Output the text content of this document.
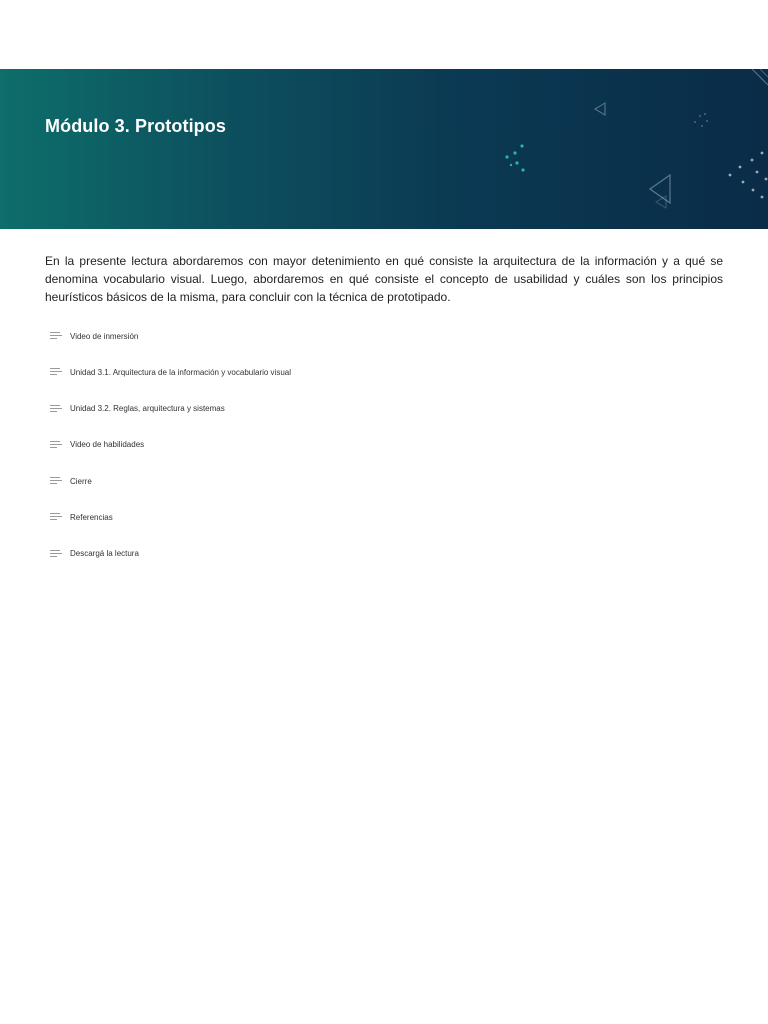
Módulo 3. Prototipos

En la presente lectura abordaremos con mayor detenimiento en qué consiste la arquitectura de la información y a qué se denomina vocabulario visual. Luego, abordaremos en qué consiste el concepto de usabilidad y cuáles son los principios heurísticos básicos de la misma, para concluir con la técnica de prototipado.

Video de inmersión
Unidad 3.1. Arquitectura de la información y vocabulario visual
Unidad 3.2. Reglas, arquitectura y sistemas
Video de habilidades
Cierre
Referencias
Descargá la lectura
